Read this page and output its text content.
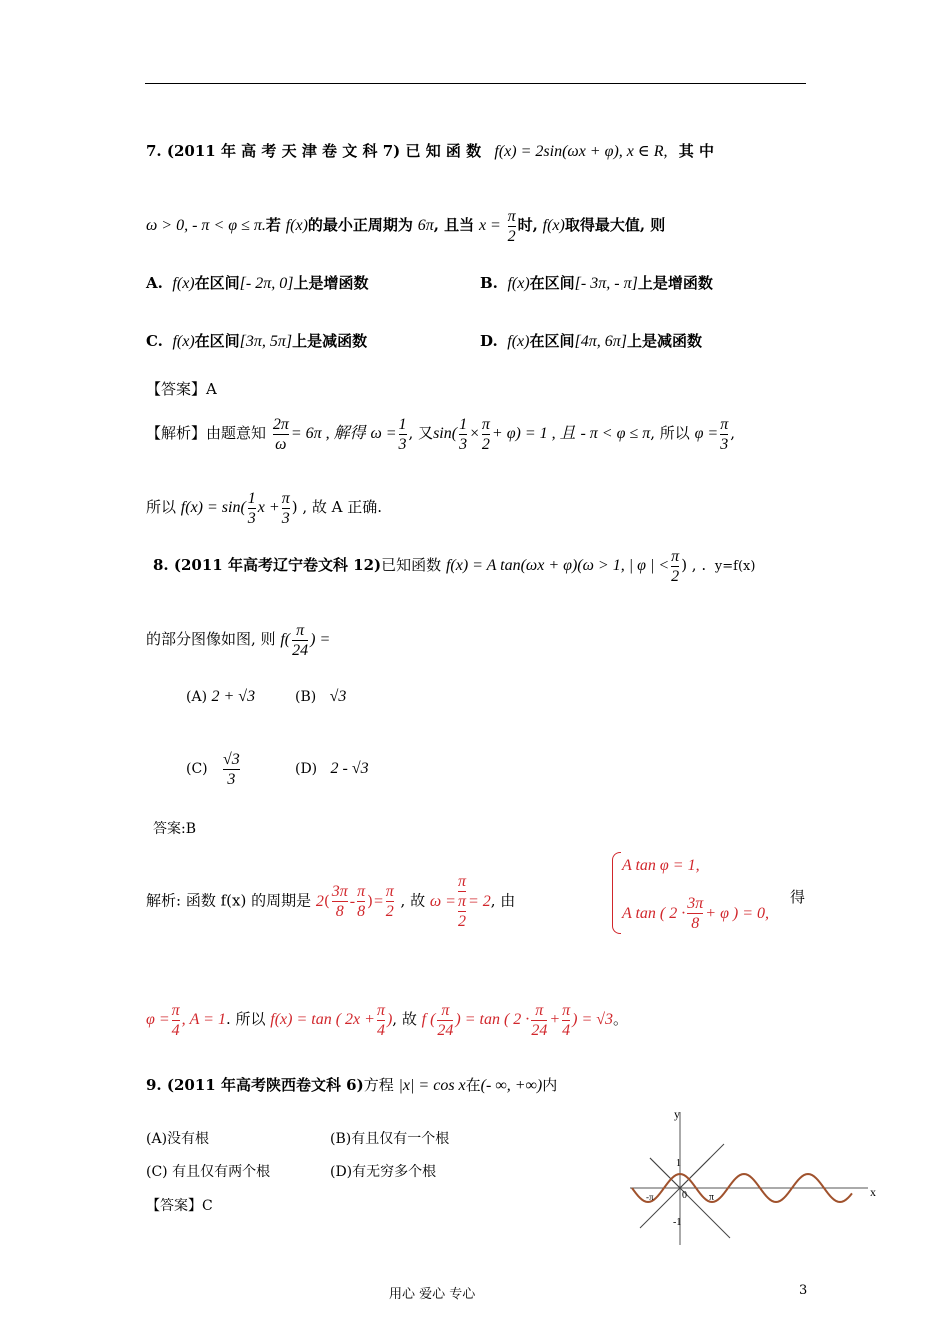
7. (2011 年 高 考 天 津 卷 文 科 7) 已 知 函 数 f(x) = 2sin(ωx + φ), x ∈ R, 其 中
ω > 0, - π < φ ≤ π.若 f(x)的最小正周期为 6π, 且当 $x = \frac{\pi}{2}$ 时, f(x)取得最大值, 则
A. f(x)在区间[- 2π, 0]上是增函数	B. f(x)在区间[- 3π, - π]上是增函数
C. f(x)在区间[3π, 5π]上是减函数	D. f(x)在区间[4π, 6π]上是减函数
【答案】A
【解析】由题意知 $\frac{2\pi}{\omega} = 6\pi$ , 解得 $\omega = \frac{1}{3}$ , 又$\sin( \frac{1}{3} \times \frac{\pi}{2} + \varphi) = 1$ , 且 - π < φ ≤ π, 所以 $\varphi = \frac{\pi}{3}$ ,
所以 $f(x) = \sin( \frac{1}{3}$ $x + \frac{\pi}{3}$ ) , 故 A 正确.
8. (2011 年高考辽宁卷文科 12)已知函数 f(x) = A tan(ωx + φ)(ω > 1, | φ | < $\frac{\pi}{2}$ ) , . y=f(x)
的部分图像如图, 则 $f( \frac{\pi}{24}$ ) =
(A) 2 + √3	(B) √3
$(C) \frac{√3}{3}$	(D) 2 - √3
答案:B
解析: 函数 f(x) 的周期是 $2( \frac{3\pi}{8} - \frac{\pi}{8}$ )= $\frac{\pi}{2}$ , 故 $\omega = \frac{\pi}{\frac{\pi}{2}} = 2$, 由
A tan φ = 1,
A tan ( $2 \cdot \frac{3\pi}{8} + \varphi$ ) = 0,
得
$\varphi = \frac{\pi}{4}$ , A = 1. 所以 f(x) = tan ( $2x + \frac{\pi}{4}$ ), 故 f ( $\frac{\pi}{24}$ ) = tan ( $2 \cdot \frac{\pi}{24} + \frac{\pi}{4}$ ) = √3。
9. (2011 年高考陕西卷文科 6)方程 |x| = cos x在(- ∞, +∞)内
(A)没有根	(B)有且仅有一个根
(C) 有且仅有两个根	(D)有无穷多个根
【答案】C
y
x
1
-1
0 π
-π
用心 爱心 专心	3
